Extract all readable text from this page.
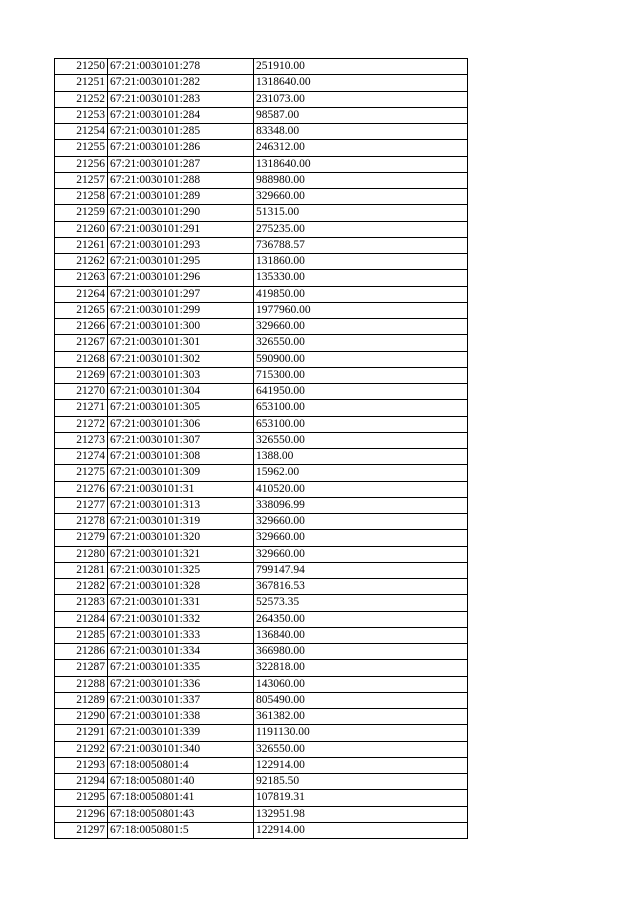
21250	67:21:0030101:278	251910.00
21251	67:21:0030101:282	1318640.00
21252	67:21:0030101:283	231073.00
21253	67:21:0030101:284	98587.00
21254	67:21:0030101:285	83348.00
21255	67:21:0030101:286	246312.00
21256	67:21:0030101:287	1318640.00
21257	67:21:0030101:288	988980.00
21258	67:21:0030101:289	329660.00
21259	67:21:0030101:290	51315.00
21260	67:21:0030101:291	275235.00
21261	67:21:0030101:293	736788.57
21262	67:21:0030101:295	131860.00
21263	67:21:0030101:296	135330.00
21264	67:21:0030101:297	419850.00
21265	67:21:0030101:299	1977960.00
21266	67:21:0030101:300	329660.00
21267	67:21:0030101:301	326550.00
21268	67:21:0030101:302	590900.00
21269	67:21:0030101:303	715300.00
21270	67:21:0030101:304	641950.00
21271	67:21:0030101:305	653100.00
21272	67:21:0030101:306	653100.00
21273	67:21:0030101:307	326550.00
21274	67:21:0030101:308	1388.00
21275	67:21:0030101:309	15962.00
21276	67:21:0030101:31	410520.00
21277	67:21:0030101:313	338096.99
21278	67:21:0030101:319	329660.00
21279	67:21:0030101:320	329660.00
21280	67:21:0030101:321	329660.00
21281	67:21:0030101:325	799147.94
21282	67:21:0030101:328	367816.53
21283	67:21:0030101:331	52573.35
21284	67:21:0030101:332	264350.00
21285	67:21:0030101:333	136840.00
21286	67:21:0030101:334	366980.00
21287	67:21:0030101:335	322818.00
21288	67:21:0030101:336	143060.00
21289	67:21:0030101:337	805490.00
21290	67:21:0030101:338	361382.00
21291	67:21:0030101:339	1191130.00
21292	67:21:0030101:340	326550.00
21293	67:18:0050801:4	122914.00
21294	67:18:0050801:40	92185.50
21295	67:18:0050801:41	107819.31
21296	67:18:0050801:43	132951.98
21297	67:18:0050801:5	122914.00
